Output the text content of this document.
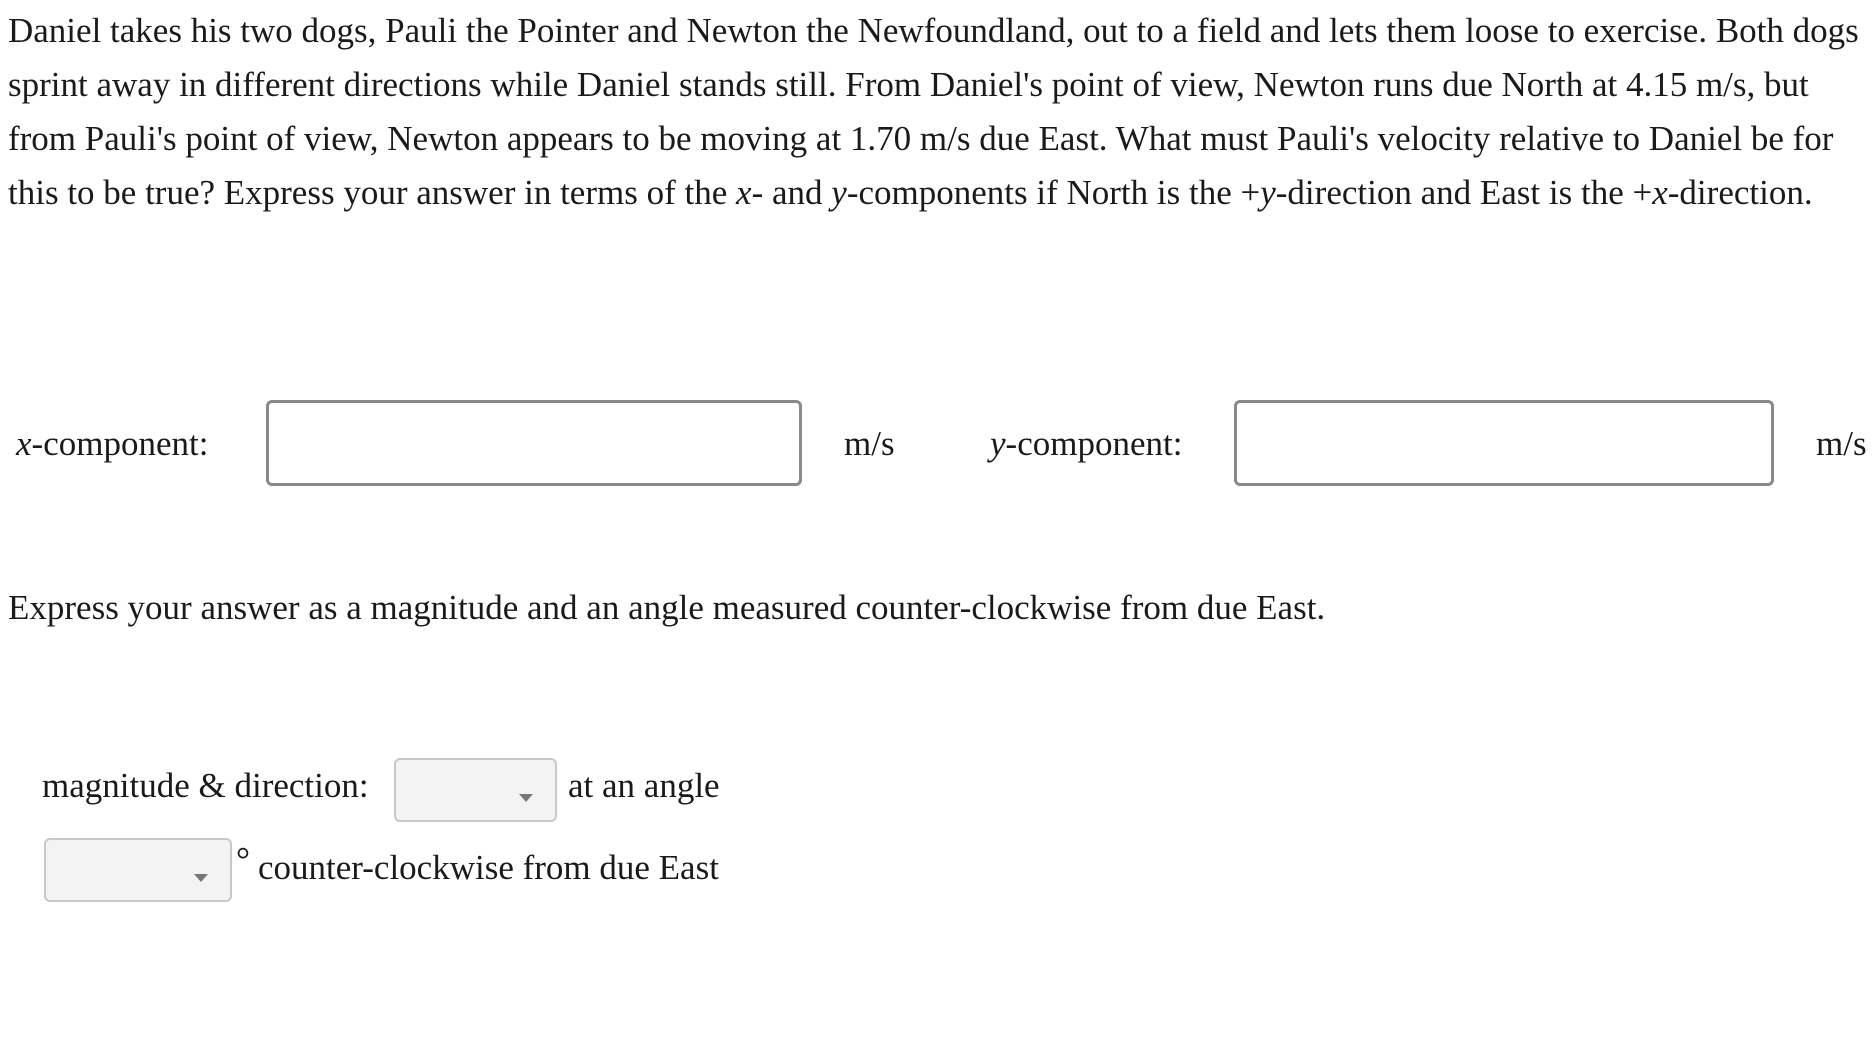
Daniel takes his two dogs, Pauli the Pointer and Newton the Newfoundland, out to a field and lets them loose to exercise. Both dogs sprint away in different directions while Daniel stands still. From Daniel's point of view, Newton runs due North at 4.15 m/s, but from Pauli's point of view, Newton appears to be moving at 1.70 m/s due East. What must Pauli's velocity relative to Daniel be for this to be true? Express your answer in terms of the x- and y-components if North is the +y-direction and East is the +x-direction.

x-component:	m/s	y-component:	m/s

Express your answer as a magnitude and an angle measured counter-clockwise from due East.

magnitude & direction:	at an angle
° counter-clockwise from due East
